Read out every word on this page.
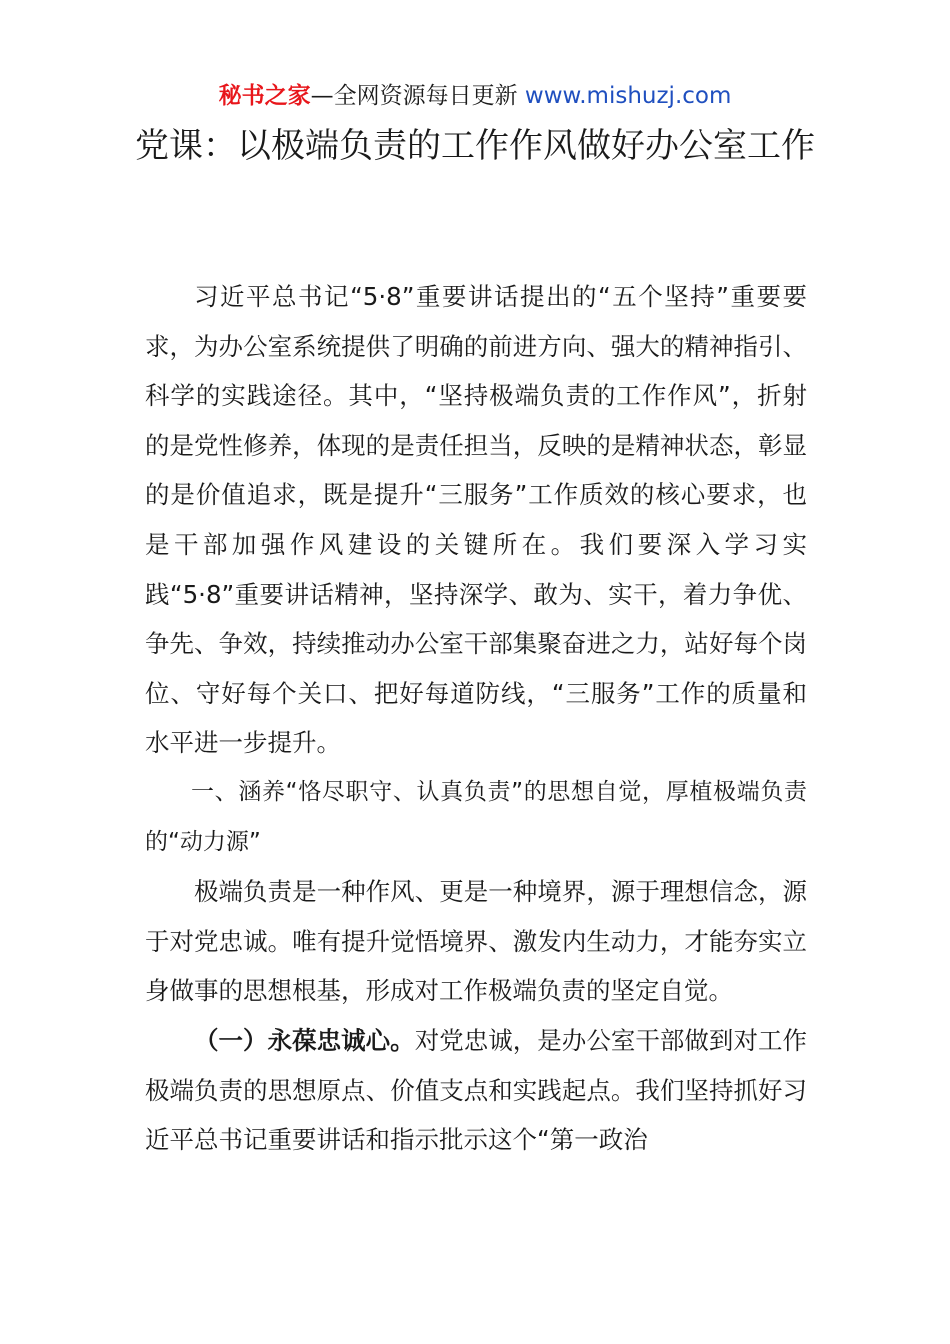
秘书之家—全网资源每日更新 www.mishuzj.com
党课：以极端负责的工作作风做好办公室工作

习近平总书记“5·8”重要讲话提出的“五个坚持”重要要求，为办公室系统提供了明确的前进方向、强大的精神指引、科学的实践途径。其中，“坚持极端负责的工作作风”，折射的是党性修养，体现的是责任担当，反映的是精神状态，彰显的是价值追求，既是提升“三服务”工作质效的核心要求，也是干部加强作风建设的关键所在。我们要深入学习实践“5·8”重要讲话精神，坚持深学、敢为、实干，着力争优、争先、争效，持续推动办公室干部集聚奋进之力，站好每个岗位、守好每个关口、把好每道防线，“三服务”工作的质量和水平进一步提升。

一、涵养“恪尽职守、认真负责”的思想自觉，厚植极端负责的“动力源”

极端负责是一种作风、更是一种境界，源于理想信念，源于对党忠诚。唯有提升觉悟境界、激发内生动力，才能夯实立身做事的思想根基，形成对工作极端负责的坚定自觉。

（一）永葆忠诚心。对党忠诚，是办公室干部做到对工作极端负责的思想原点、价值支点和实践起点。我们坚持抓好习近平总书记重要讲话和指示批示这个“第一政治
